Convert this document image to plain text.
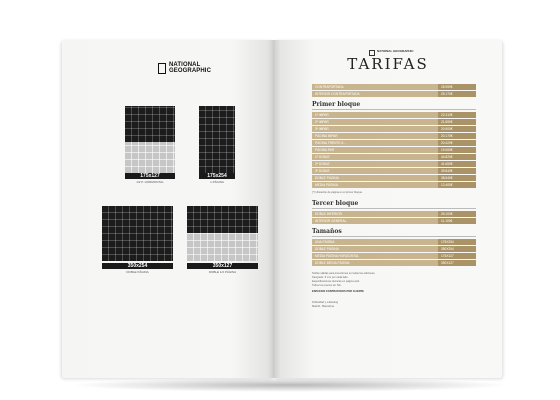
NATIONAL
GEOGRAPHIC
175x127
1/2 P. HORIZONTAL
175x254
1 PÁGINA
350x254
DOBLE PÁGINA
350x127
DOBLE 1/2 PÁGINA
NATIONAL GEOGRAPHIC
TARIFAS
CONTRAPORTADA	26.950€
INTERIOR CONTRAPORTADA	25.170€
Primer bloque
1ª IMPAR	22.410€
2ª IMPAR	21.650€
3ª IMPAR	20.900€
PÁGINA IMPAR	20.170€
PÁGINA FRENTE A ...	20.420€
PÁGINA PAR	19.060€
1ª DOBLE	44.820€
2ª DOBLE	41.650€
3ª DOBLE	39.840€
DOBLE PÁGINA	38.540€
MEDIA PÁGINA	12.400€
(*) Ubicación de página en el primer bloque.
Tercer bloque
DOBLE INFERIOR	25.100€
INTERIOR GENERAL	11.100€
Tamaños
UNA PÁGINA	175X254
DOBLE PÁGINA	350X254
MEDIA PÁGINA HORIZONTAL	175X127
DOBLE MEDIA PÁGINA	350X127
Tarifas válidas para inserciones en todas las ediciones.
Sangrado: 5 mm por cada lado.
Especificaciones técnicas en página web.
Todos los precios sin IVA.
ESPACIOS CONTRATADOS POR CLIENTE
Publicidad y marketing
Madrid - Barcelona
